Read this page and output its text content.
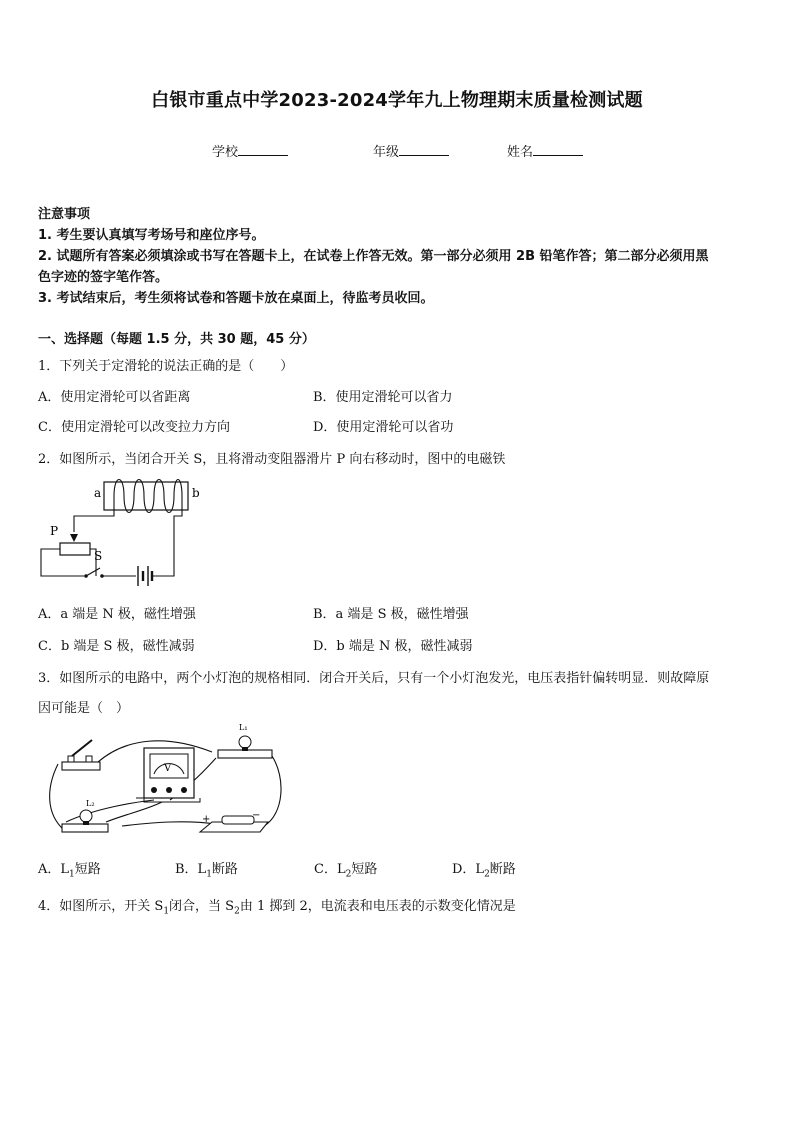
白银市重点中学2023-2024学年九上物理期末质量检测试题
学校	年级	姓名
注意事项
1. 考生要认真填写考场号和座位序号。
2. 试题所有答案必须填涂或书写在答题卡上，在试卷上作答无效。第一部分必须用 2B 铅笔作答；第二部分必须用黑
色字迹的签字笔作答。
3. 考试结束后，考生须将试卷和答题卡放在桌面上，待监考员收回。
一、选择题（每题 1.5 分，共 30 题，45 分）
1．下列关于定滑轮的说法正确的是（　　）
A．使用定滑轮可以省距离	B．使用定滑轮可以省力
C．使用定滑轮可以改变拉力方向	D．使用定滑轮可以省功
2．如图所示，当闭合开关 S，且将滑动变阻器滑片 P 向右移动时，图中的电磁铁
a	b
P
S
A．a 端是 N 极，磁性增强	B．a 端是 S 极，磁性增强
C．b 端是 S 极，磁性减弱	D．b 端是 N 极，磁性减弱
3．如图所示的电路中，两个小灯泡的规格相同．闭合开关后，只有一个小灯泡发光，电压表指针偏转明显．则故障原
因可能是（　）
V
L₁
L₂
+	−
A．$L_1$短路	B．$L_1$断路	C．$L_2$短路	D．$L_2$断路
4．如图所示，开关 $S_1$闭合，当 $S_2$由 1 掷到 2，电流表和电压表的示数变化情况是
